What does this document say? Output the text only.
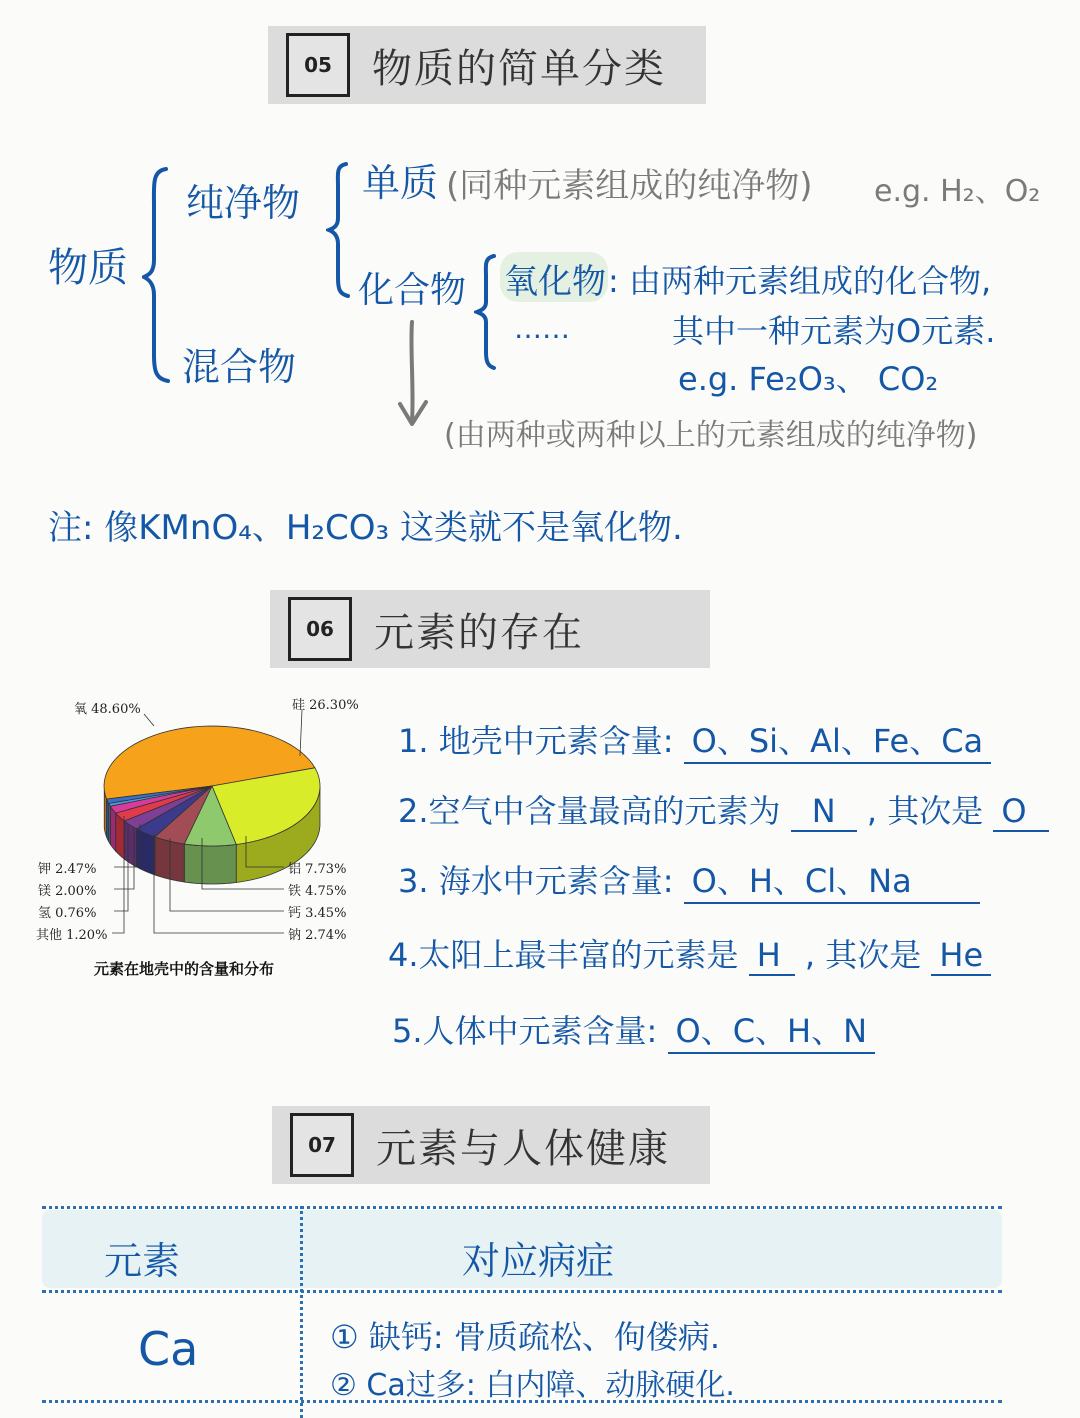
05	物质的简单分类
物质
纯净物
混合物
单质 (同种元素组成的纯净物) e.g. H₂、O₂
化合物 氧化物 : 由两种元素组成的化合物,
其中一种元素为O元素.
e.g. Fe₂O₃、 CO₂
……
(由两种或两种以上的元素组成的纯净物)
注: 像KMnO₄、H₂CO₃ 这类就不是氧化物.
06	元素的存在
氧 48.60%	硅 26.30%
铝 7.73%
铁 4.75%
钙 3.45%
钠 2.74%
钾 2.47%
镁 2.00%
氢 0.76%
其他 1.20%
元素在地壳中的含量和分布
1. 地壳中元素含量: O、Si、Al、Fe、Ca
2.空气中含量最高的元素为 N , 其次是 O
3. 海水中元素含量: O、H、Cl、Na
4.太阳上最丰富的元素是 H , 其次是 He
5.人体中元素含量: O、C、H、N
07	元素与人体健康
元素	对应病症
Ca	① 缺钙: 骨质疏松、佝偻病.
② Ca过多: 白内障、动脉硬化.
